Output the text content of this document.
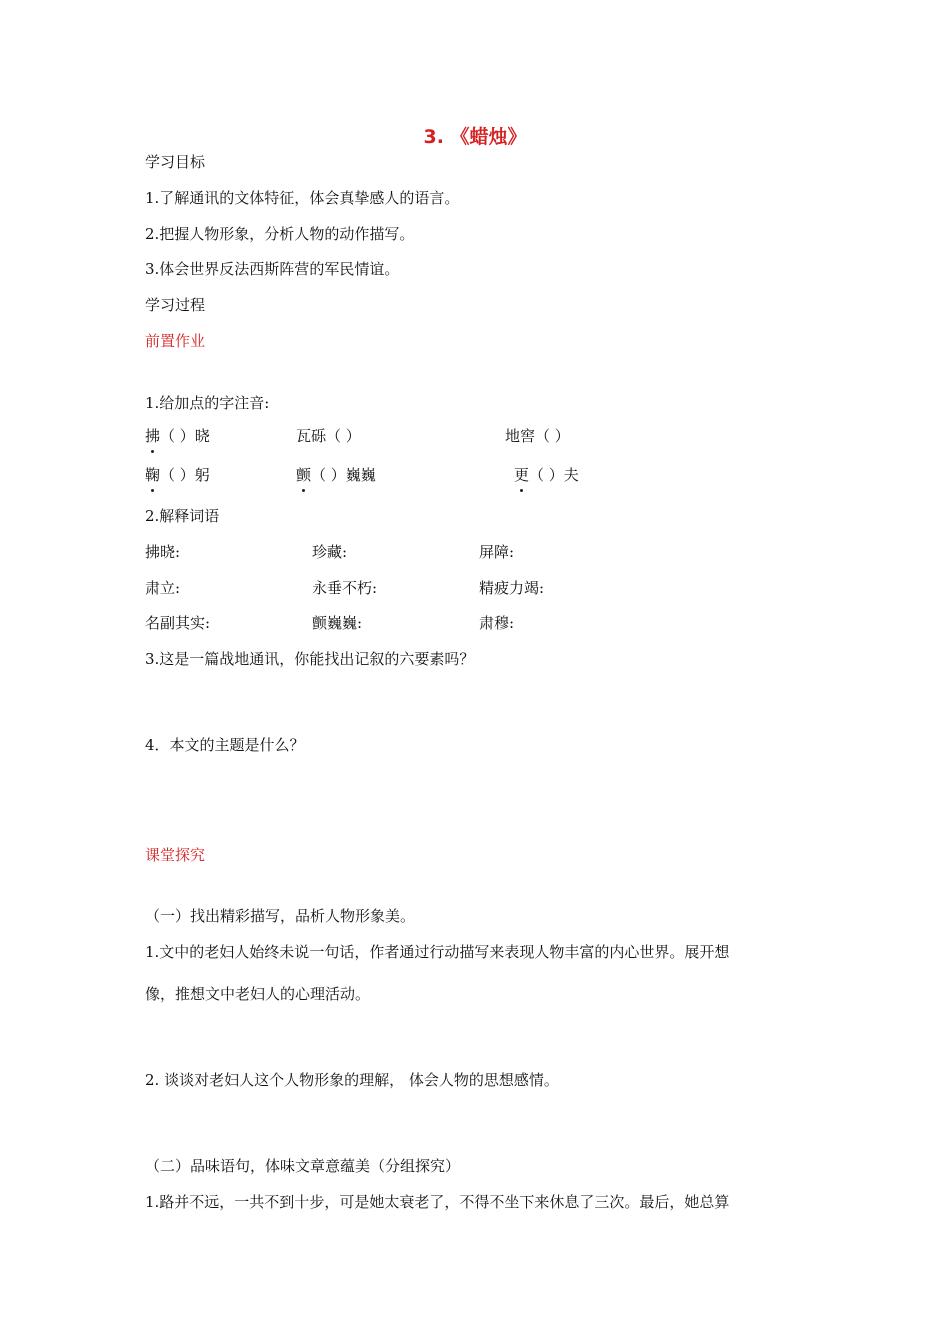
3. 《蜡烛》
学习目标
1.了解通讯的文体特征，体会真挚感人的语言。
2.把握人物形象，分析人物的动作描写。
3.体会世界反法西斯阵营的军民情谊。
学习过程
前置作业
1.给加点的字注音:
拂（ ）晓	瓦砾（ ）	地窖（ ）
鞠（ ）躬	颤（ ）巍巍	更（ ）夫
2.解释词语
拂晓:	珍藏:	屏障:
肃立:	永垂不朽:	精疲力竭:
名副其实:	颤巍巍:	肃穆:
3.这是一篇战地通讯，你能找出记叙的六要素吗？
4．本文的主题是什么？
课堂探究
（一）找出精彩描写，品析人物形象美。
1.文中的老妇人始终未说一句话，作者通过行动描写来表现人物丰富的内心世界。展开想
像，推想文中老妇人的心理活动。
2. 谈谈对老妇人这个人物形象的理解， 体会人物的思想感情。
（二）品味语句，体味文章意蕴美（分组探究）
1.路并不远，一共不到十步，可是她太衰老了，不得不坐下来休息了三次。最后，她总算
